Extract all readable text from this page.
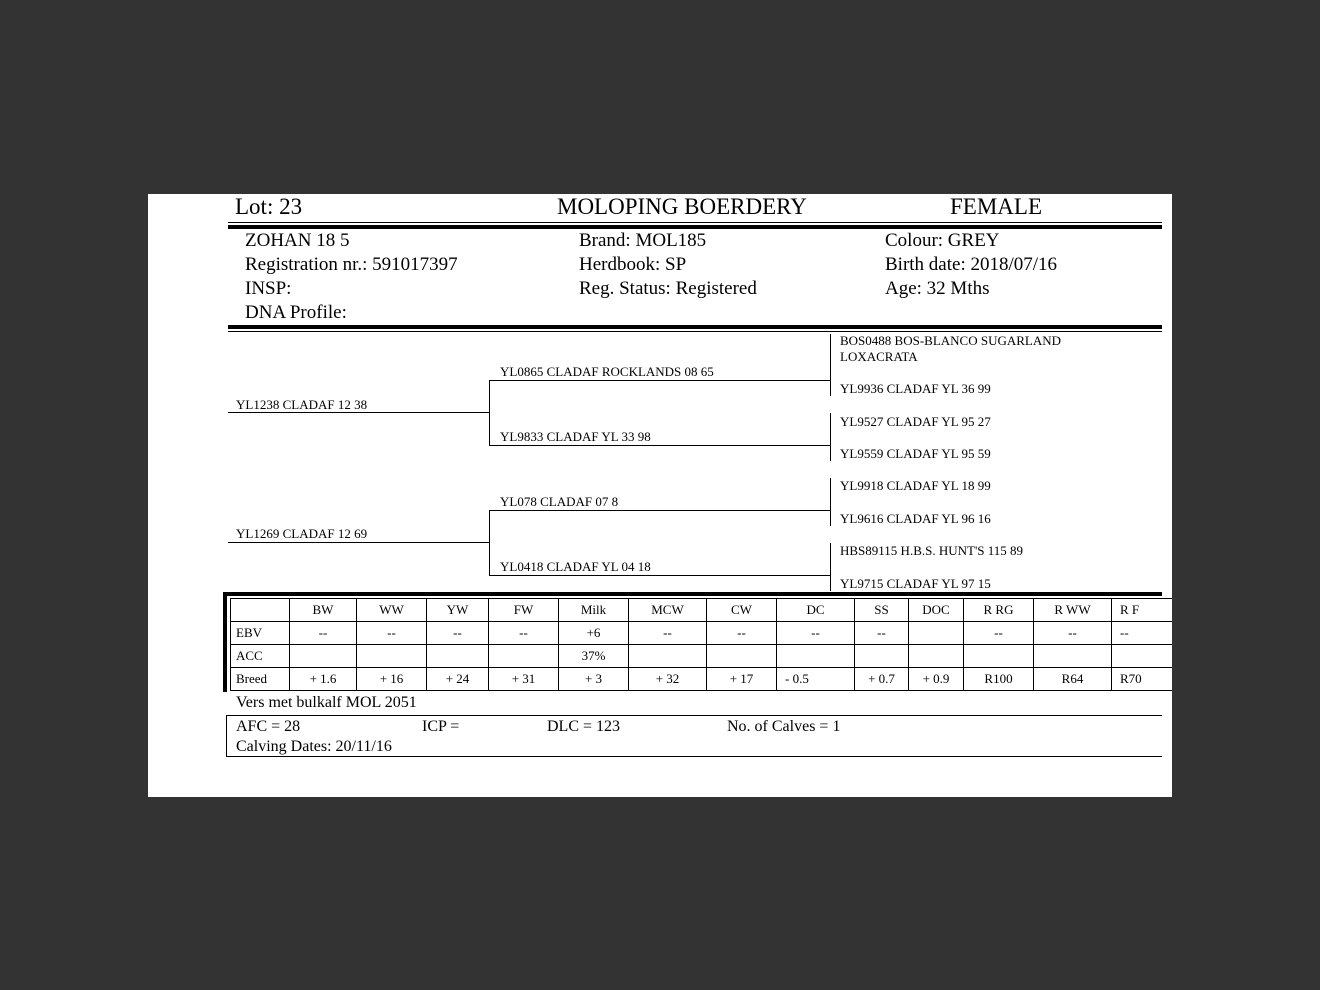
Lot: 23	MOLOPING BOERDERY	FEMALE
ZOHAN 18 5
Registration nr.: 591017397
INSP:
DNA Profile:
Brand: MOL185
Herdbook: SP
Reg. Status: Registered
Colour: GREY
Birth date: 2018/07/16
Age: 32 Mths
YL1238 CLADAF 12 38
YL1269 CLADAF 12 69
YL0865 CLADAF ROCKLANDS 08 65
YL9833 CLADAF YL 33 98
YL078 CLADAF 07 8
YL0418 CLADAF YL 04 18
BOS0488 BOS-BLANCO SUGARLAND
LOXACRATA
YL9936 CLADAF YL 36 99
YL9527 CLADAF YL 95 27
YL9559 CLADAF YL 95 59
YL9918 CLADAF YL 18 99
YL9616 CLADAF YL 96 16
HBS89115 H.B.S. HUNT'S 115 89
YL9715 CLADAF YL 97 15
	BW	WW	YW	FW	Milk	MCW	CW	DC	SS	DOC	R RG	R WW	R F
EBV	--	--	--	--	+6	--	--	--	--		--	--	--
ACC					37%								
Breed	+ 1.6	+ 16	+ 24	+ 31	+ 3	+ 32	+ 17	- 0.5	+ 0.7	+ 0.9	R100	R64	R70
Vers met bulkalf MOL 2051
AFC = 28	ICP =	DLC = 123	No. of Calves = 1
Calving Dates: 20/11/16
